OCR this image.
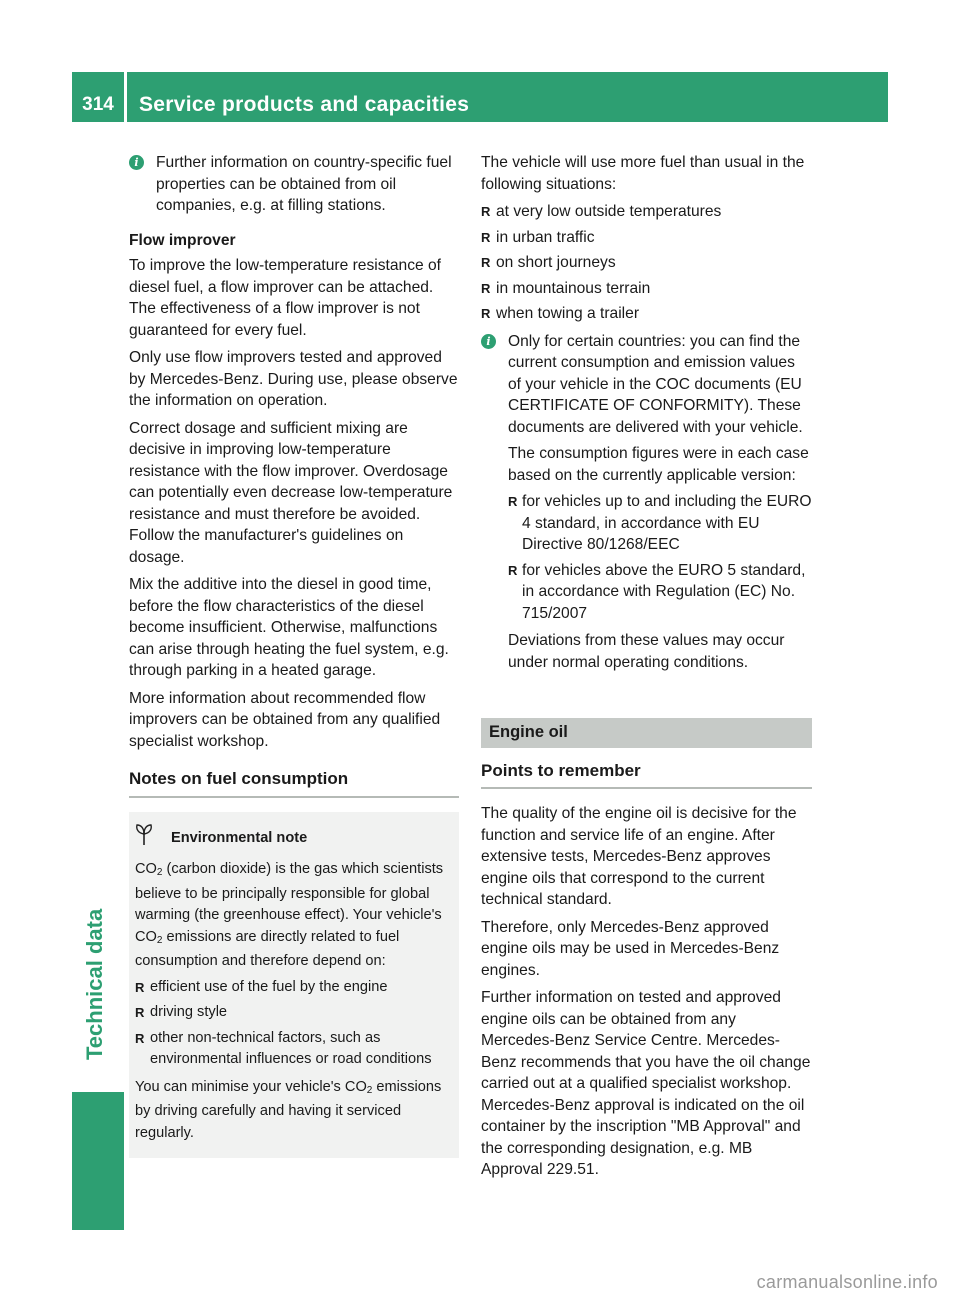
314	Service products and capacities
Technical data
i	Further information on country-specific fuel properties can be obtained from oil companies, e.g. at filling stations.

Flow improver

To improve the low-temperature resistance of diesel fuel, a flow improver can be attached. The effectiveness of a flow improver is not guaranteed for every fuel.

Only use flow improvers tested and approved by Mercedes-Benz. During use, please observe the information on operation.

Correct dosage and sufficient mixing are decisive in improving low-temperature resistance with the flow improver. Overdosage can potentially even decrease low-temperature resistance and must therefore be avoided. Follow the manufacturer's guidelines on dosage.

Mix the additive into the diesel in good time, before the flow characteristics of the diesel become insufficient. Otherwise, malfunctions can arise through heating the fuel system, e.g. through parking in a heated garage.

More information about recommended flow improvers can be obtained from any qualified specialist workshop.

Notes on fuel consumption
Environmental note

$CO_2$ (carbon dioxide) is the gas which scientists believe to be principally responsible for global warming (the greenhouse effect). Your vehicle's $CO_2$ emissions are directly related to fuel consumption and therefore depend on:

R efficient use of the fuel by the engine
R driving style
R other non-technical factors, such as environmental influences or road conditions

You can minimise your vehicle's $CO_2$ emissions by driving carefully and having it serviced regularly.

The vehicle will use more fuel than usual in the following situations:

R at very low outside temperatures
R in urban traffic
R on short journeys
R in mountainous terrain
R when towing a trailer
i	Only for certain countries: you can find the current consumption and emission values of your vehicle in the COC documents (EU CERTIFICATE OF CONFORMITY). These documents are delivered with your vehicle.

The consumption figures were in each case based on the currently applicable version:

R for vehicles up to and including the EURO 4 standard, in accordance with EU Directive 80/1268/EEC
R for vehicles above the EURO 5 standard, in accordance with Regulation (EC) No. 715/2007

Deviations from these values may occur under normal operating conditions.

Engine oil
Points to remember

The quality of the engine oil is decisive for the function and service life of an engine. After extensive tests, Mercedes-Benz approves engine oils that correspond to the current technical standard.

Therefore, only Mercedes-Benz approved engine oils may be used in Mercedes-Benz engines.

Further information on tested and approved engine oils can be obtained from any Mercedes-Benz Service Centre. Mercedes-Benz recommends that you have the oil change carried out at a qualified specialist workshop. Mercedes-Benz approval is indicated on the oil container by the inscription "MB Approval" and the corresponding designation, e.g. MB Approval 229.51.

carmanualsonline.info
